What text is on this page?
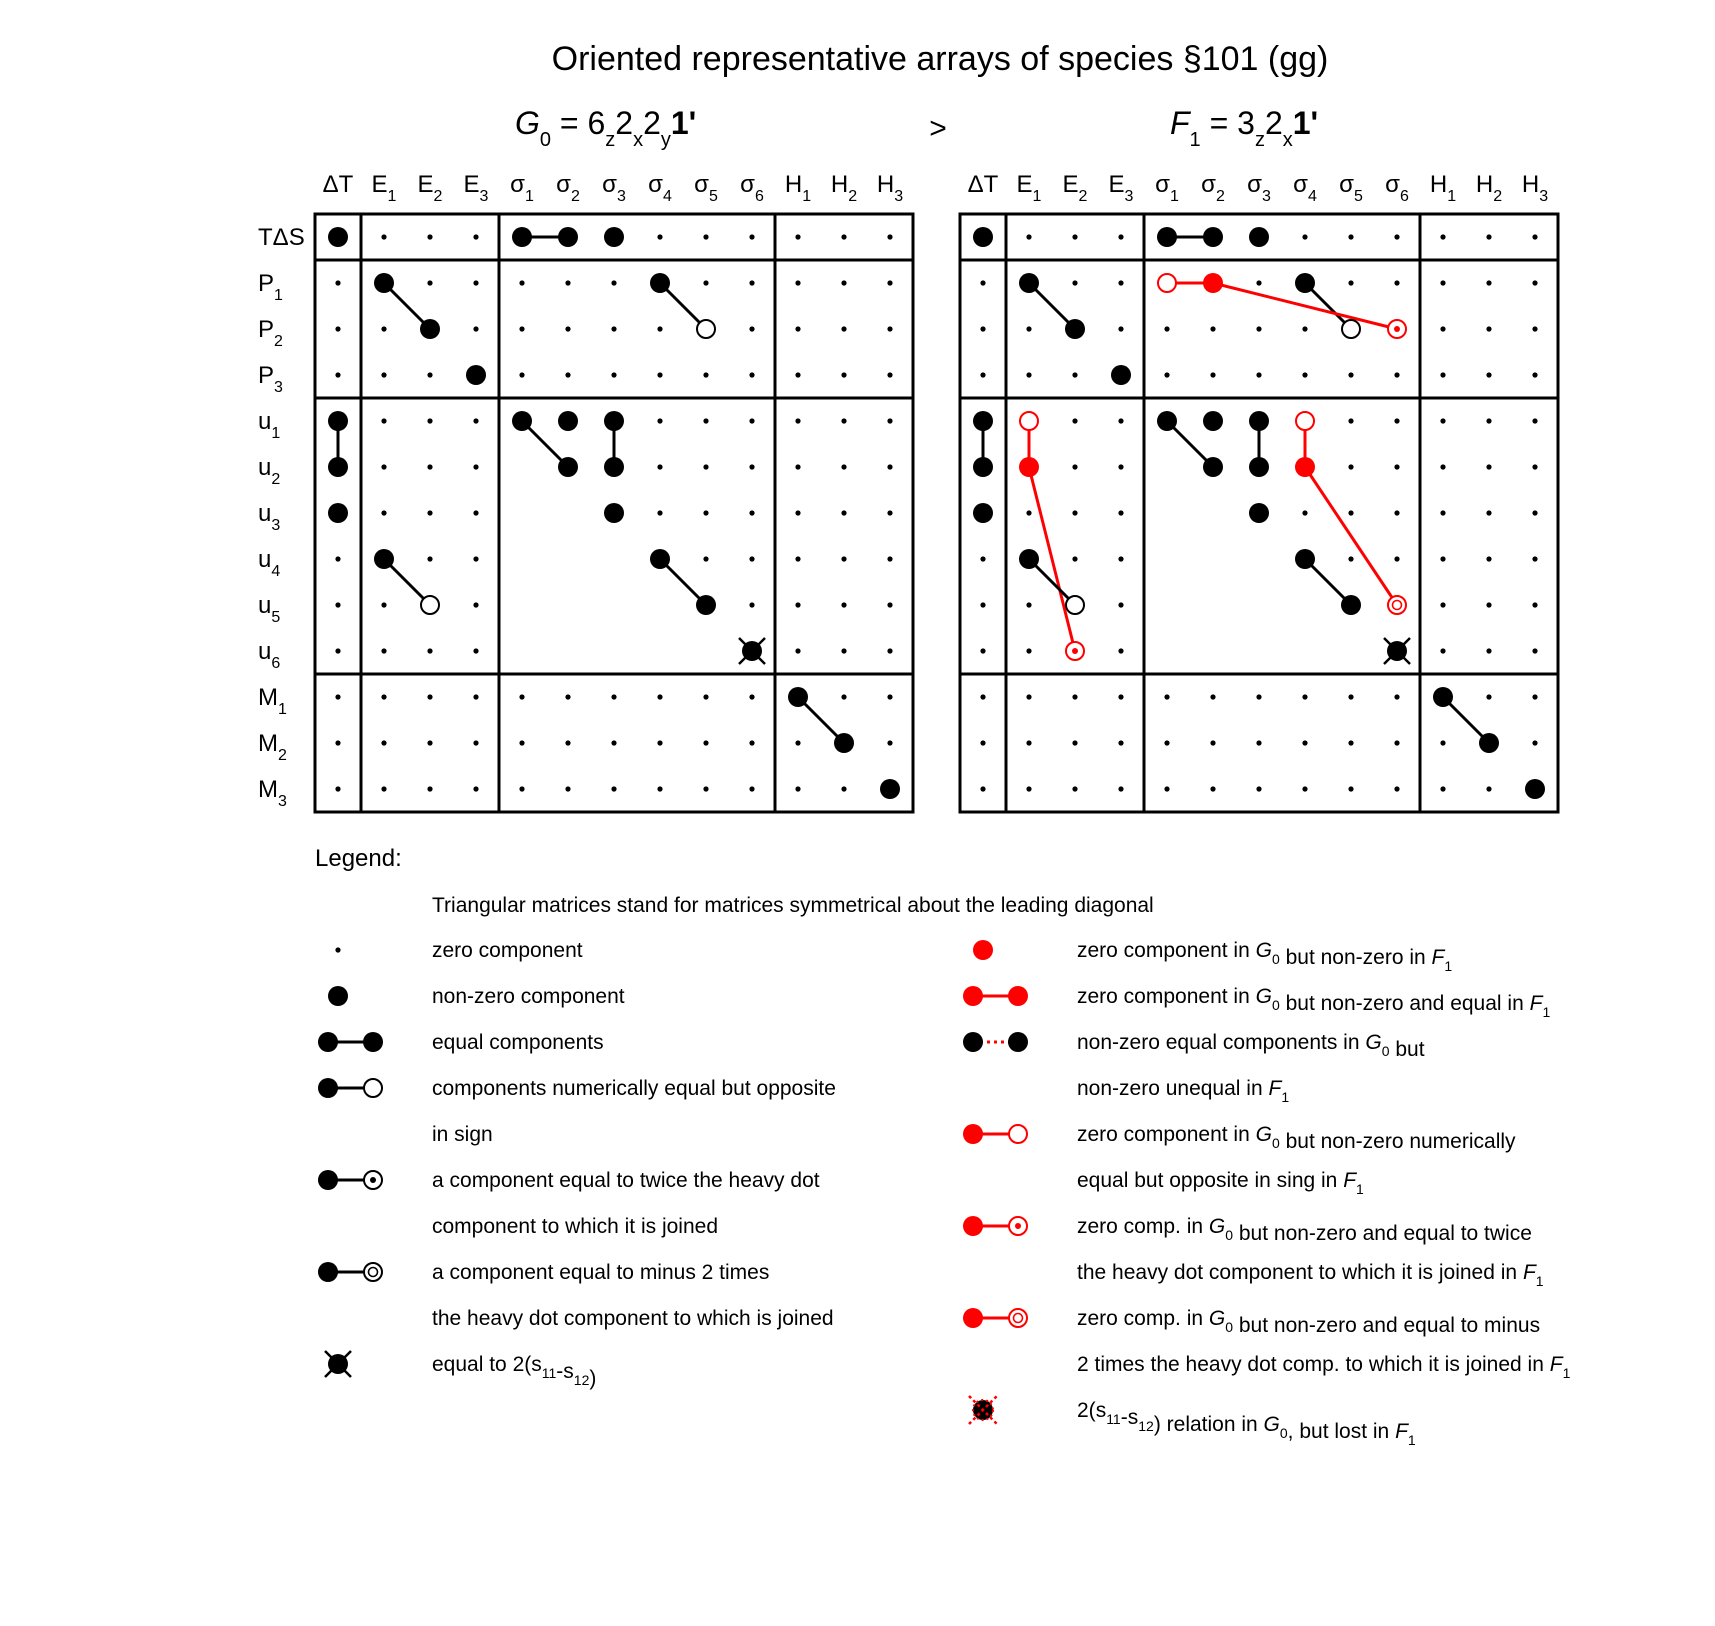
Oriented representative arrays of species §101 (gg)
$G_0 = 6_z2_x2_y1'$	>	$F_1 = 3_z2_x1'$
ΔT $E_1$ $E_2$ $E_3$ $\sigma_1$ $\sigma_2$ $\sigma_3$ $\sigma_4$ $\sigma_5$ $\sigma_6$ $H_1$ $H_2$ $H_3$
TΔS
$P_1$
$P_2$
$P_3$
$u_1$
$u_2$
$u_3$
$u_4$
$u_5$
$u_6$
$M_1$
$M_2$
$M_3$
ΔT $E_1$ $E_2$ $E_3$ $\sigma_1$ $\sigma_2$ $\sigma_3$ $\sigma_4$ $\sigma_5$ $\sigma_6$ $H_1$ $H_2$ $H_3$
Legend:
Triangular matrices stand for matrices symmetrical about the leading diagonal
zero component
non-zero component
equal components
components numerically equal but opposite
in sign
a component equal to twice the heavy dot
component to which it is joined
a component equal to minus 2 times
the heavy dot component to which is joined
equal to $2(s_{11}-s_{12})$
zero component in $G_0$ but non-zero in $F_1$
zero component in $G_0$ but non-zero and equal in $F_1$
non-zero equal components in $G_0$ but
non-zero unequal in $F_1$
zero component in $G_0$ but non-zero numerically
equal but opposite in sing in $F_1$
zero comp. in $G_0$ but non-zero and equal to twice
the heavy dot component to which it is joined in $F_1$
zero comp. in $G_0$ but non-zero and equal to minus
2 times the heavy dot comp. to which it is joined in $F_1$
$2(s_{11}-s_{12})$ relation in $G_0$, but lost in $F_1$
